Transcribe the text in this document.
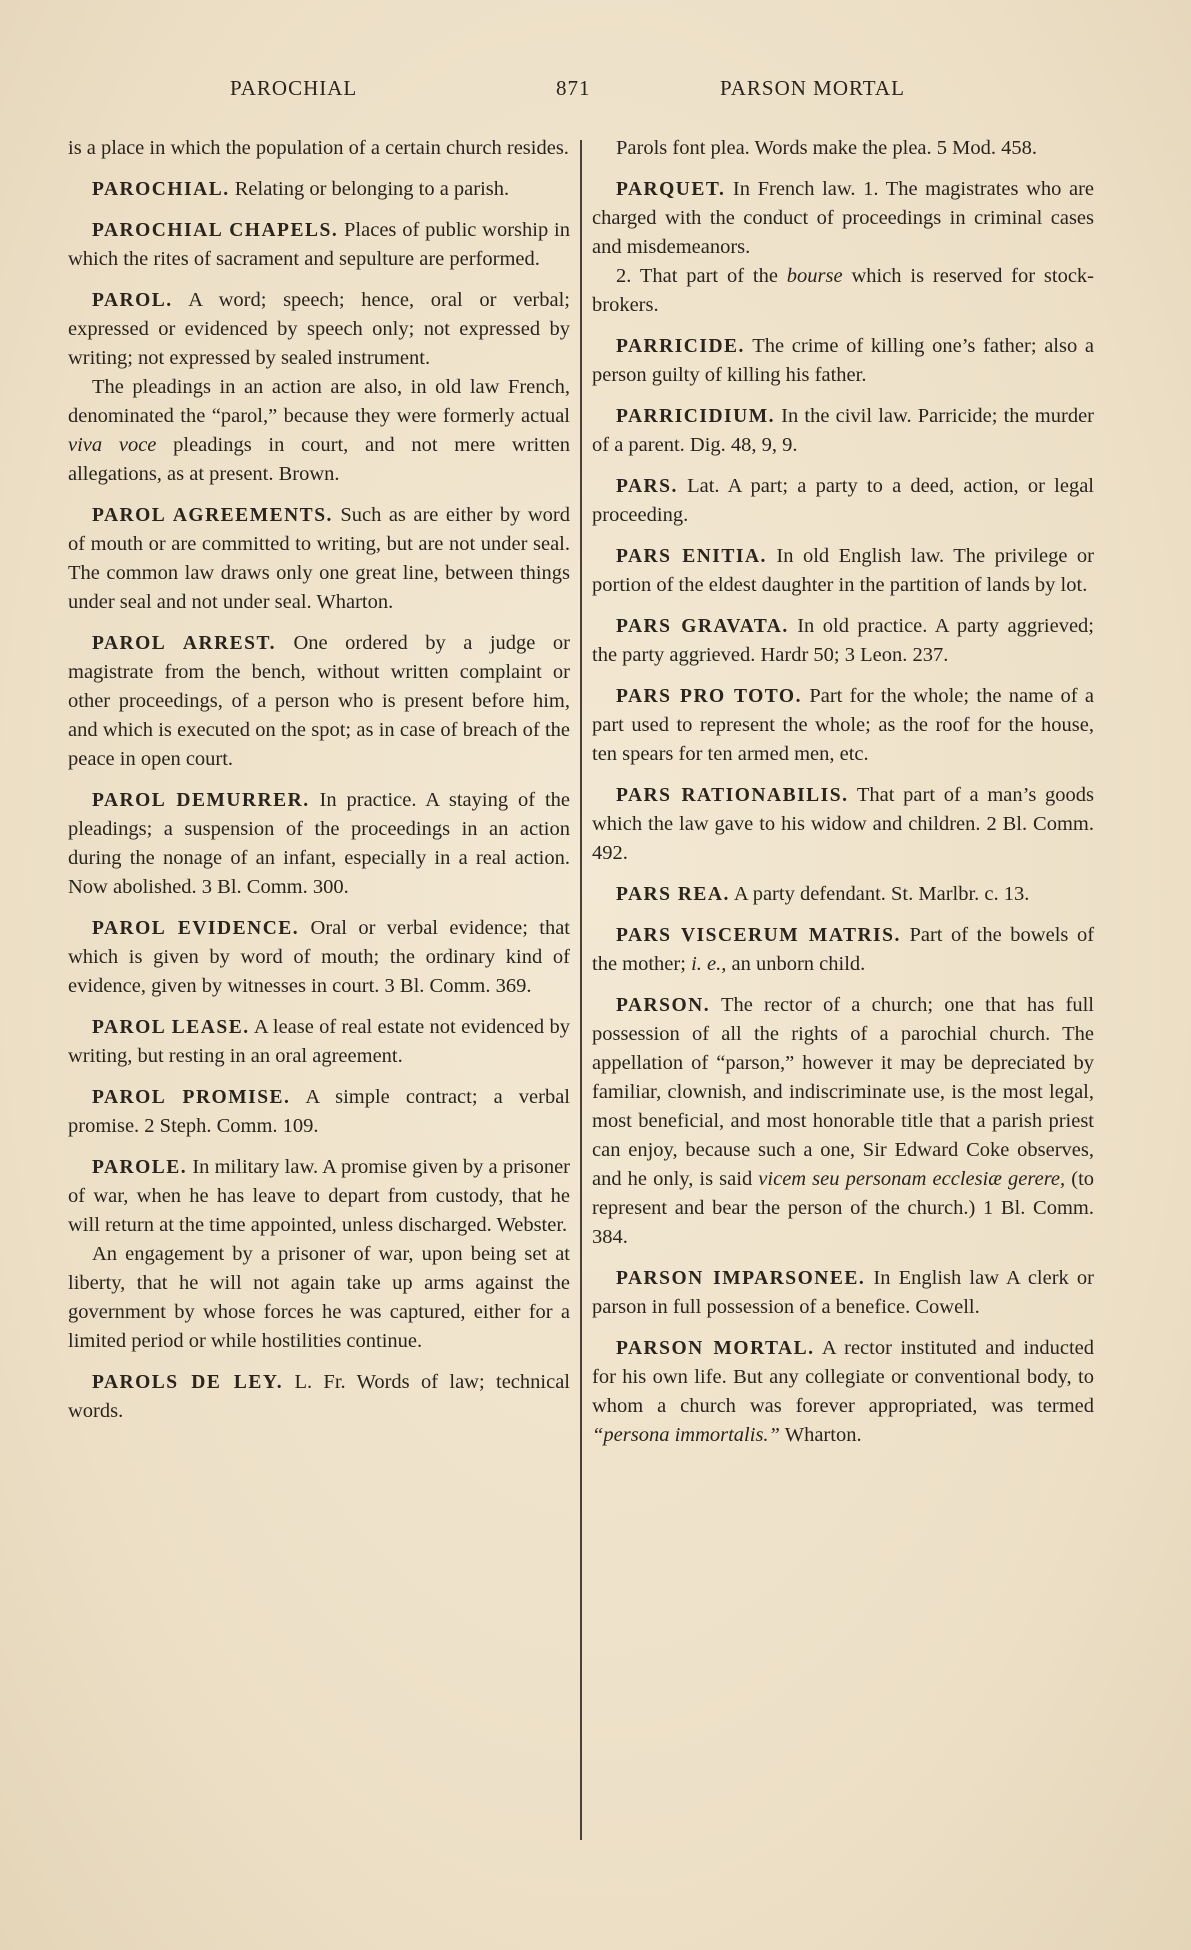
PAROCHIAL	871	PARSON MORTAL

is a place in which the population of a certain church resides.

PAROCHIAL. Relating or belonging to a parish.

PAROCHIAL CHAPELS. Places of public worship in which the rites of sacrament and sepulture are performed.

PAROL. A word; speech; hence, oral or verbal; expressed or evidenced by speech only; not expressed by writing; not expressed by sealed instrument.

The pleadings in an action are also, in old law French, denominated the “parol,” because they were formerly actual viva voce pleadings in court, and not mere written allegations, as at present. Brown.

PAROL AGREEMENTS. Such as are either by word of mouth or are committed to writing, but are not under seal. The common law draws only one great line, between things under seal and not under seal. Wharton.

PAROL ARREST. One ordered by a judge or magistrate from the bench, without written complaint or other proceedings, of a person who is present before him, and which is executed on the spot; as in case of breach of the peace in open court.

PAROL DEMURRER. In practice. A staying of the pleadings; a suspension of the proceedings in an action during the nonage of an infant, especially in a real action. Now abolished. 3 Bl. Comm. 300.

PAROL EVIDENCE. Oral or verbal evidence; that which is given by word of mouth; the ordinary kind of evidence, given by witnesses in court. 3 Bl. Comm. 369.

PAROL LEASE. A lease of real estate not evidenced by writing, but resting in an oral agreement.

PAROL PROMISE. A simple contract; a verbal promise. 2 Steph. Comm. 109.

PAROLE. In military law. A promise given by a prisoner of war, when he has leave to depart from custody, that he will return at the time appointed, unless discharged. Webster.

An engagement by a prisoner of war, upon being set at liberty, that he will not again take up arms against the government by whose forces he was captured, either for a limited period or while hostilities continue.

PAROLS DE LEY. L. Fr. Words of law; technical words.

Parols font plea. Words make the plea. 5 Mod. 458.

PARQUET. In French law. 1. The magistrates who are charged with the conduct of proceedings in criminal cases and misdemeanors.

2. That part of the bourse which is reserved for stock-brokers.

PARRICIDE. The crime of killing one’s father; also a person guilty of killing his father.

PARRICIDIUM. In the civil law. Parricide; the murder of a parent. Dig. 48, 9, 9.

PARS. Lat. A part; a party to a deed, action, or legal proceeding.

PARS ENITIA. In old English law. The privilege or portion of the eldest daughter in the partition of lands by lot.

PARS GRAVATA. In old practice. A party aggrieved; the party aggrieved. Hardr 50; 3 Leon. 237.

PARS PRO TOTO. Part for the whole; the name of a part used to represent the whole; as the roof for the house, ten spears for ten armed men, etc.

PARS RATIONABILIS. That part of a man’s goods which the law gave to his widow and children. 2 Bl. Comm. 492.

PARS REA. A party defendant. St. Marlbr. c. 13.

PARS VISCERUM MATRIS. Part of the bowels of the mother; i. e., an unborn child.

PARSON. The rector of a church; one that has full possession of all the rights of a parochial church. The appellation of “parson,” however it may be depreciated by familiar, clownish, and indiscriminate use, is the most legal, most beneficial, and most honorable title that a parish priest can enjoy, because such a one, Sir Edward Coke observes, and he only, is said vicem seu personam ecclesiæ gerere, (to represent and bear the person of the church.) 1 Bl. Comm. 384.

PARSON IMPARSONEE. In English law A clerk or parson in full possession of a benefice. Cowell.

PARSON MORTAL. A rector instituted and inducted for his own life. But any collegiate or conventional body, to whom a church was forever appropriated, was termed “persona immortalis.” Wharton.
